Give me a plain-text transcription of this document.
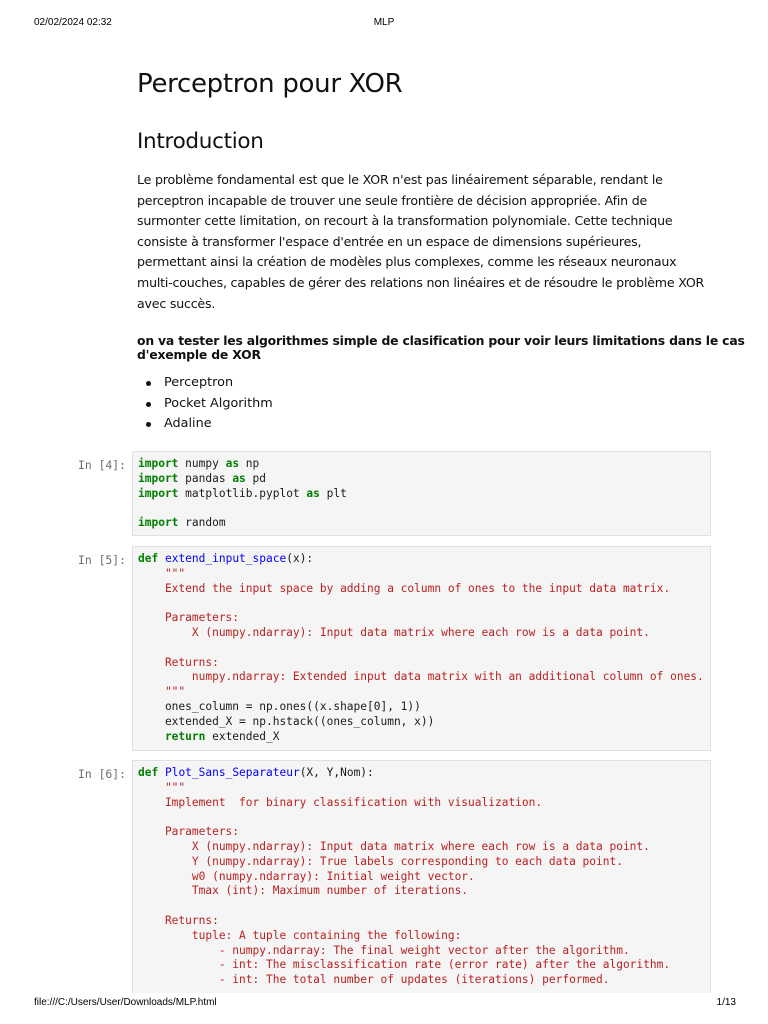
02/02/2024 02:32	MLP
Perceptron pour XOR
Introduction

Le problème fondamental est que le XOR n'est pas linéairement séparable, rendant le
perceptron incapable de trouver une seule frontière de décision appropriée. Afin de
surmonter cette limitation, on recourt à la transformation polynomiale. Cette technique
consiste à transformer l'espace d'entrée en un espace de dimensions supérieures,
permettant ainsi la création de modèles plus complexes, comme les réseaux neuronaux
multi-couches, capables de gérer des relations non linéaires et de résoudre le problème XOR
avec succès.

on va tester les algorithmes simple de clasification pour voir leurs limitations dans le cas
d'exemple de XOR

Perceptron
Pocket Algorithm
Adaline
In [4]:	import numpy as np
import pandas as pd
import matplotlib.pyplot as plt

import random
In [5]:	def extend_input_space(x):
"""
Extend the input space by adding a column of ones to the input data matrix.

Parameters:
X (numpy.ndarray): Input data matrix where each row is a data point.

Returns:
numpy.ndarray: Extended input data matrix with an additional column of ones.
"""
ones_column = np.ones((x.shape[0], 1))
extended_X = np.hstack((ones_column, x))
return extended_X
In [6]:	def Plot_Sans_Separateur(X, Y,Nom):
"""
Implement  for binary classification with visualization.

Parameters:
X (numpy.ndarray): Input data matrix where each row is a data point.
Y (numpy.ndarray): True labels corresponding to each data point.
w0 (numpy.ndarray): Initial weight vector.
Tmax (int): Maximum number of iterations.

Returns:
tuple: A tuple containing the following:
- numpy.ndarray: The final weight vector after the algorithm.
- int: The misclassification rate (error rate) after the algorithm.
- int: The total number of updates (iterations) performed.
file:///C:/Users/User/Downloads/MLP.html	1/13
